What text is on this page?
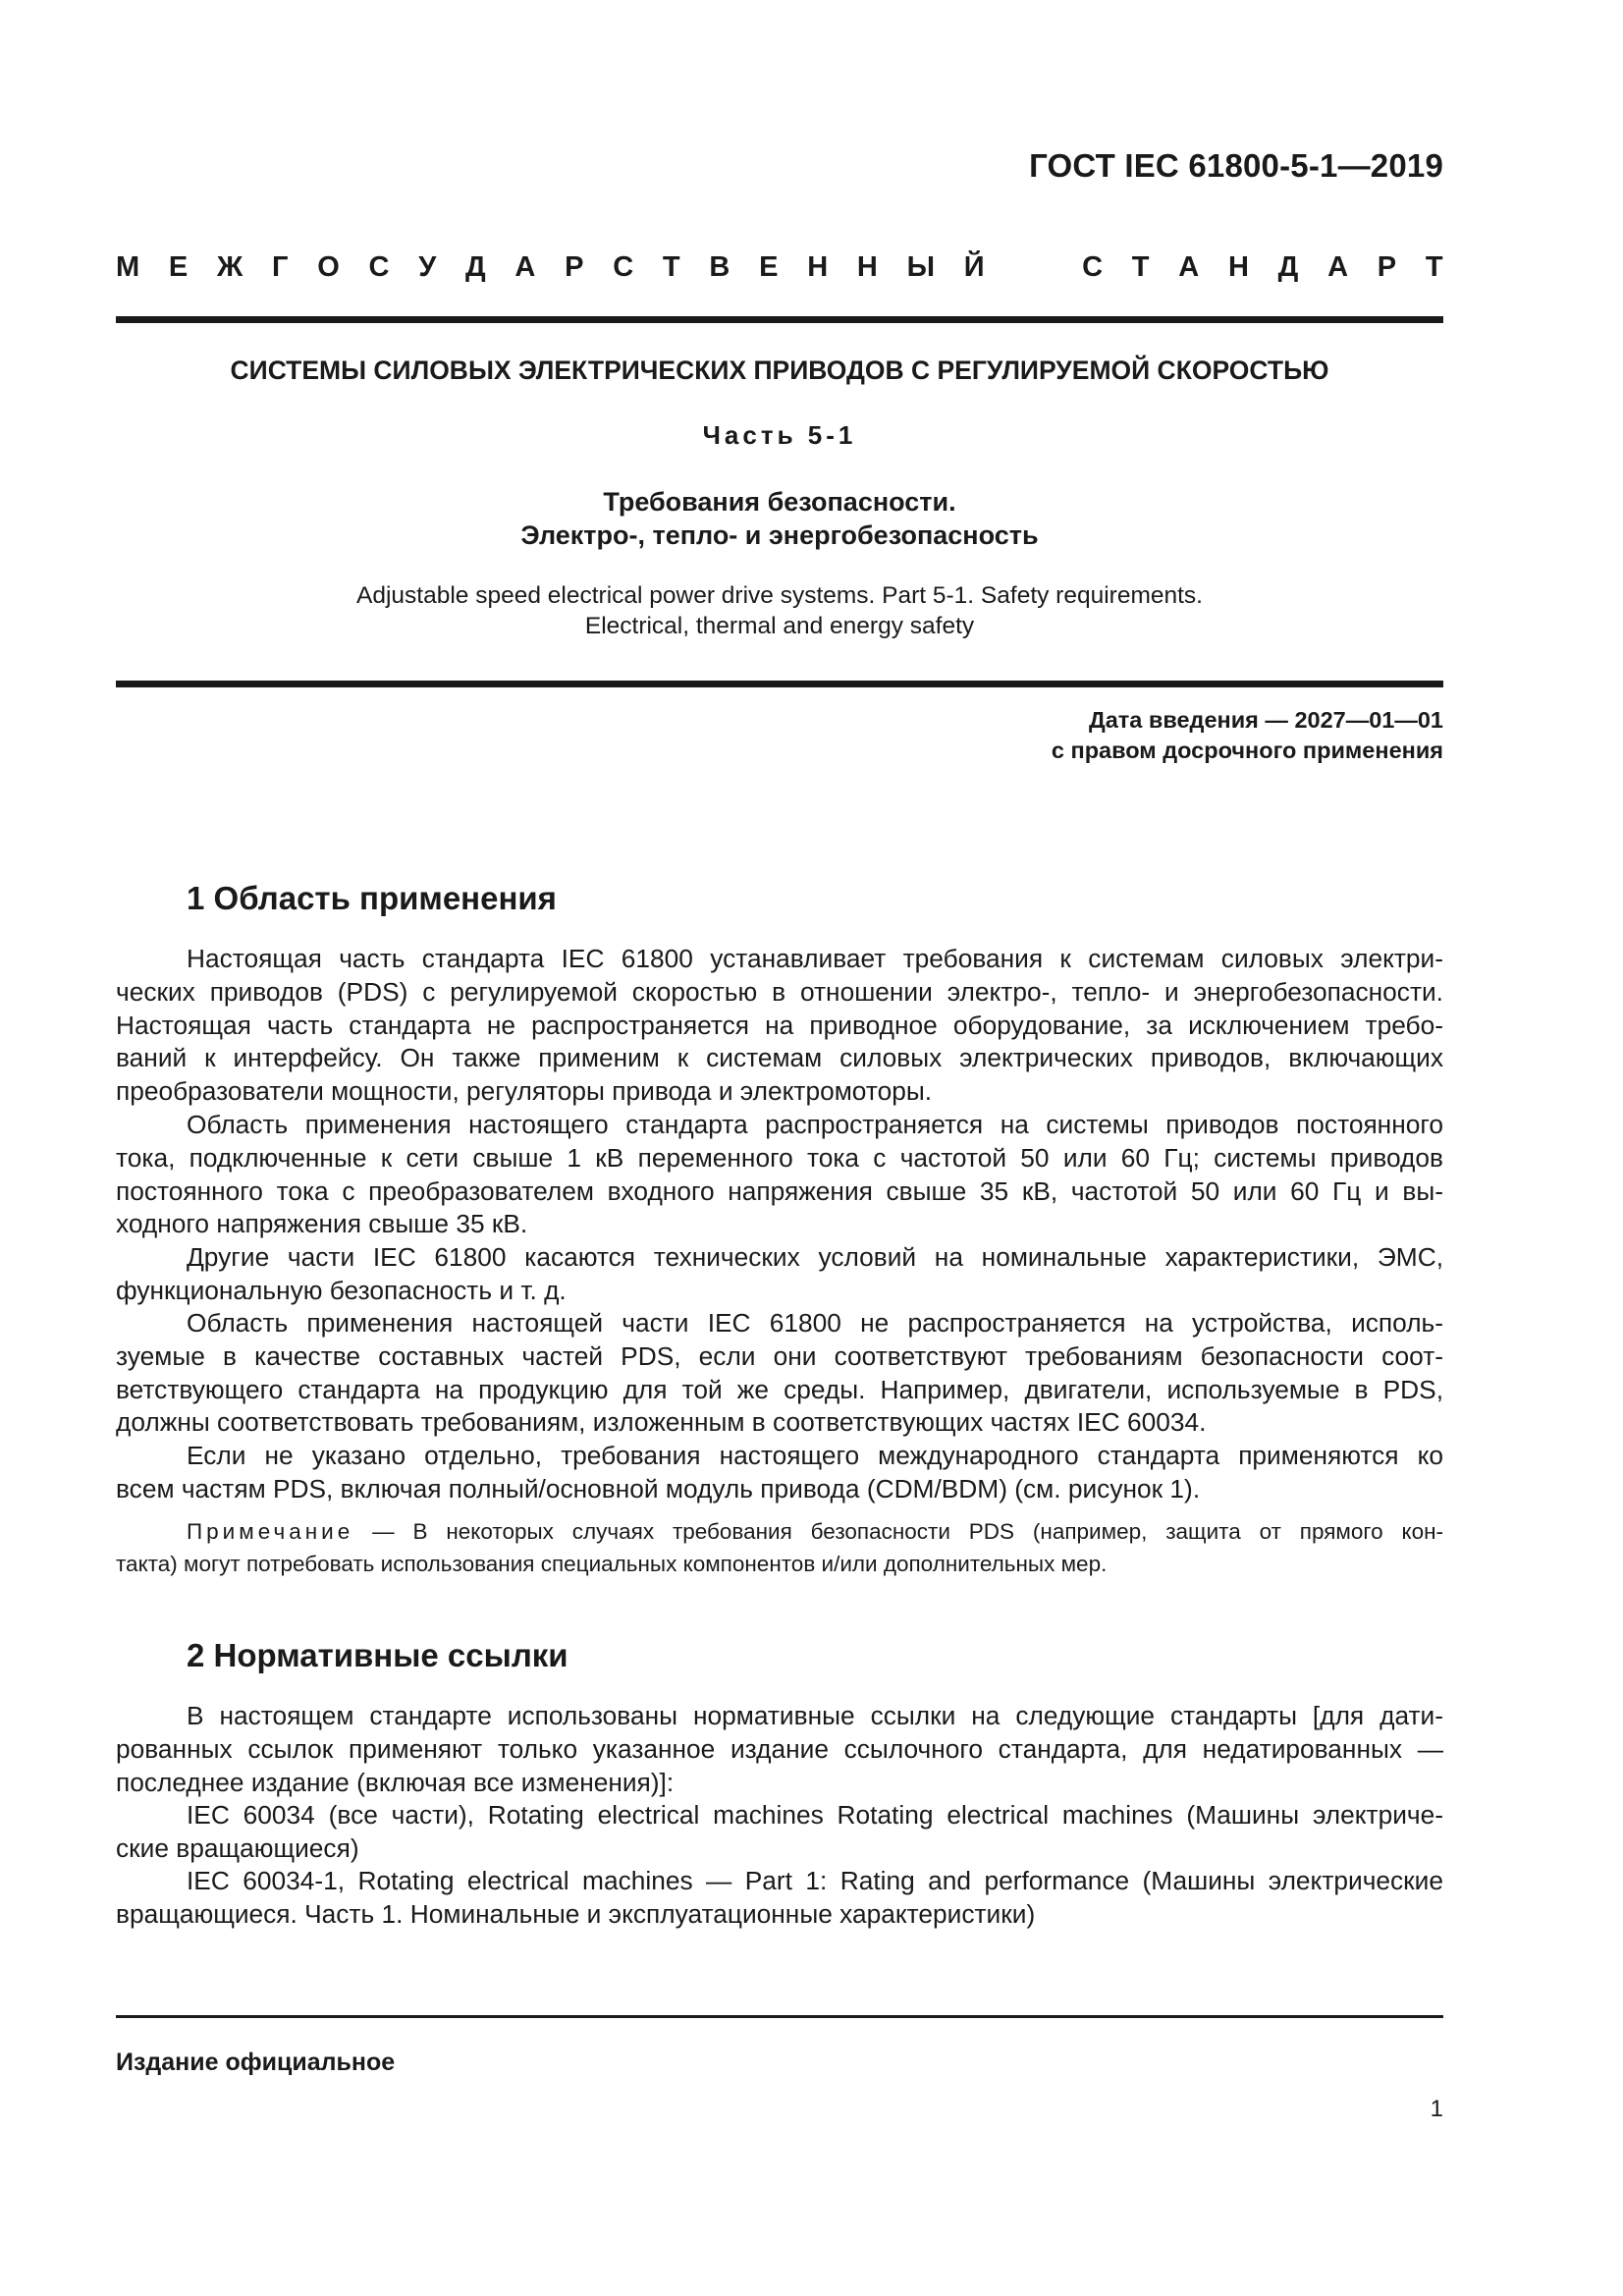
ГОСТ IEC 61800-5-1—2019
М Е Ж Г О С У Д А Р С Т В Е Н Н Ы Й	С Т А Н Д А Р Т
СИСТЕМЫ СИЛОВЫХ ЭЛЕКТРИЧЕСКИХ ПРИВОДОВ С РЕГУЛИРУЕМОЙ СКОРОСТЬЮ
Часть 5-1
Требования безопасности.
Электро-, тепло- и энергобезопасность
Adjustable speed electrical power drive systems. Part 5-1. Safety requirements.
Electrical, thermal and energy safety
Дата введения — 2027—01—01
с правом досрочного применения
1 Область применения
Настоящая часть стандарта IEC 61800 устанавливает требования к системам силовых электри-
ческих приводов (PDS) с регулируемой скоростью в отношении электро-, тепло- и энергобезопасности.
Настоящая часть стандарта не распространяется на приводное оборудование, за исключением требо-
ваний к интерфейсу. Он также применим к системам силовых электрических приводов, включающих
преобразователи мощности, регуляторы привода и электромоторы.
Область применения настоящего стандарта распространяется на системы приводов постоянного
тока, подключенные к сети свыше 1 кВ переменного тока с частотой 50 или 60 Гц; системы приводов
постоянного тока с преобразователем входного напряжения свыше 35 кВ, частотой 50 или 60 Гц и вы-
ходного напряжения свыше 35 кВ.
Другие части IEC 61800 касаются технических условий на номинальные характеристики, ЭМС,
функциональную безопасность и т. д.
Область применения настоящей части IEC 61800 не распространяется на устройства, исполь-
зуемые в качестве составных частей PDS, если они соответствуют требованиям безопасности соот-
ветствующего стандарта на продукцию для той же среды. Например, двигатели, используемые в PDS,
должны соответствовать требованиям, изложенным в соответствующих частях IEC 60034.
Если не указано отдельно, требования настоящего международного стандарта применяются ко
всем частям PDS, включая полный/основной модуль привода (CDM/BDM) (см. рисунок 1).
Примечание — В некоторых случаях требования безопасности PDS (например, защита от прямого кон-
такта) могут потребовать использования специальных компонентов и/или дополнительных мер.
2 Нормативные ссылки
В настоящем стандарте использованы нормативные ссылки на следующие стандарты [для дати-
рованных ссылок применяют только указанное издание ссылочного стандарта, для недатированных —
последнее издание (включая все изменения)]:
IEC 60034 (все части), Rotating electrical machines Rotating electrical machines (Машины электриче-
ские вращающиеся)
IEC 60034-1, Rotating electrical machines — Part 1: Rating and performance (Машины электрические
вращающиеся. Часть 1. Номинальные и эксплуатационные характеристики)
Издание официальное
1
